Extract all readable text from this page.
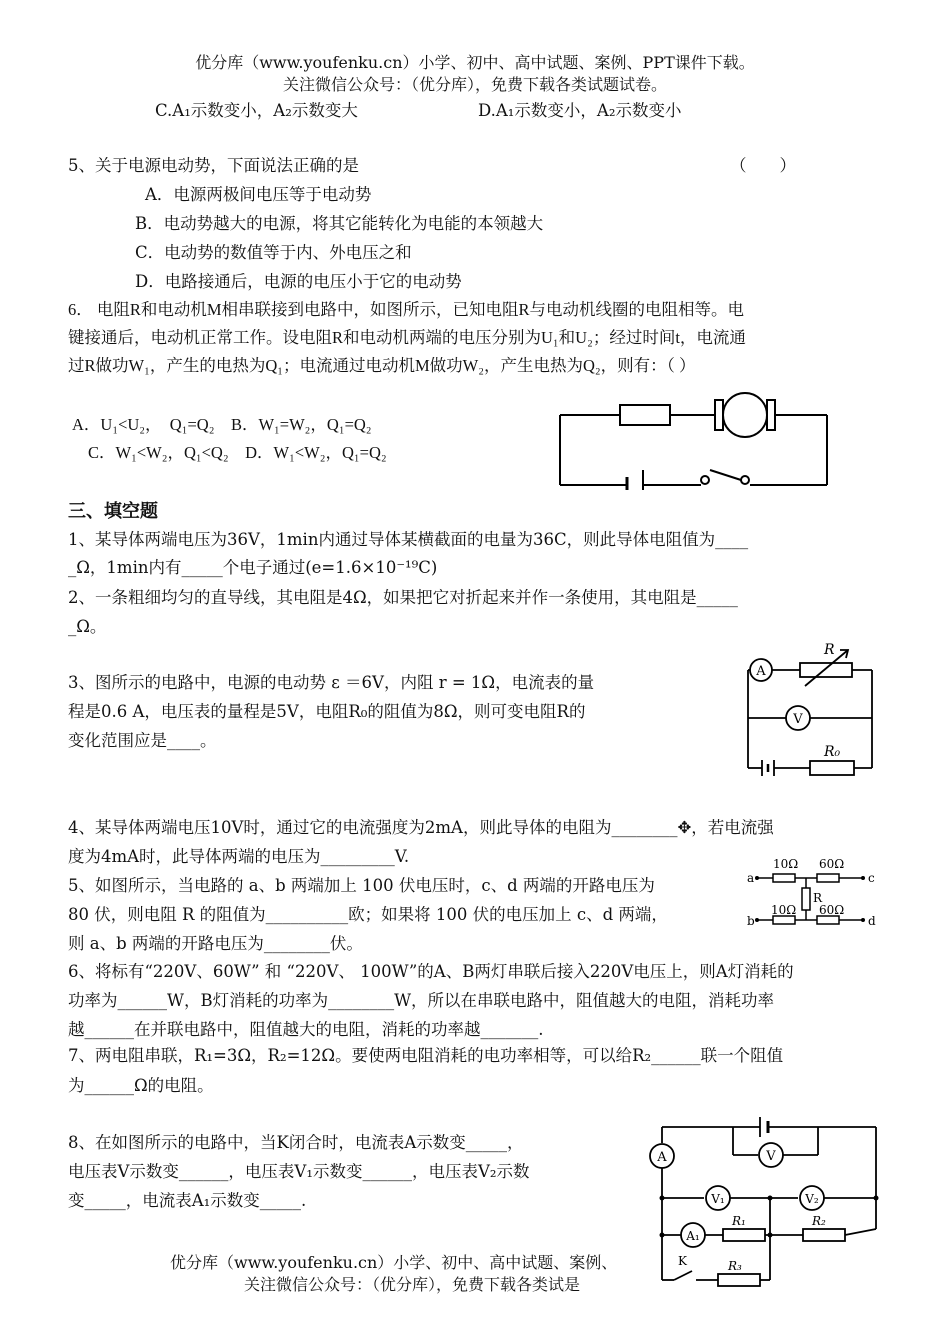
优分库（www.youfenku.cn）小学、初中、高中试题、案例、PPT课件下载。
关注微信公众号：（优分库），免费下载各类试题试卷。
C.A₁示数变小，A₂示数变大	D.A₁示数变小，A₂示数变小
5、关于电源电动势，下面说法正确的是	（　　）
A．电源两极间电压等于电动势
B．电动势越大的电源，将其它能转化为电能的本领越大
C．电动势的数值等于内、外电压之和
D．电路接通后，电源的电压小于它的电动势
6． 电阻R和电动机M相串联接到电路中，如图所示，已知电阻R与电动机线圈的电阻相等。电
键接通后，电动机正常工作。设电阻R和电动机两端的电压分别为U₁和U₂；经过时间t，电流通
过R做功W₁，产生的电热为Q₁；电流通过电动机M做功W₂，产生电热为Q₂，则有：（ ）
A．U₁<U₂，　Q₁=Q₂　B．W₁=W₂，Q₁=Q₂
C．W₁<W₂，Q₁<Q₂　D．W₁<W₂，Q₁=Q₂
三、填空题
1、某导体两端电压为36V，1min内通过导体某横截面的电量为36C，则此导体电阻值为____
_Ω，1min内有_____个电子通过(e=1.6×10⁻¹⁹C)
2、一条粗细均匀的直导线，其电阻是4Ω，如果把它对折起来并作一条使用，其电阻是_____
_Ω。
3、图所示的电路中，电源的电动势 ε ＝6V，内阻 r = 1Ω，电流表的量
程是0.6 A，电压表的量程是5V，电阻R₀的阻值为8Ω，则可变电阻R的
变化范围应是____。
A
V
R
R₀
4、某导体两端电压10V时，通过它的电流强度为2mA，则此导体的电阻为________✥，若电流强
度为4mA时，此导体两端的电压为_________V.
5、如图所示，当电路的 a、b 两端加上 100 伏电压时，c、d 两端的开路电压为
80 伏，则电阻 R 的阻值为__________欧；如果将 100 伏的电压加上 c、d 两端，
则 a、b 两端的开路电压为________伏。
10Ω 60Ω
10Ω 60Ω
R
a	c
b	d
6、将标有“220V、60W” 和 “220V、 100W”的A、B两灯串联后接入220V电压上，则A灯消耗的
功率为______W，B灯消耗的功率为________W，所以在串联电路中，阻值越大的电阻，消耗功率
越______在并联电路中，阻值越大的电阻，消耗的功率越_______.
7、两电阻串联，R₁=3Ω，R₂=12Ω。要使两电阻消耗的电功率相等，可以给R₂______联一个阻值
为______Ω的电阻。
8、在如图所示的电路中，当K闭合时，电流表A示数变_____，
电压表V示数变______，电压表V₁示数变______，电压表V₂示数
变_____，电流表A₁示数变_____.
A	V
V₁	V₂
A₁
R₁	R₂
R₃
K
优分库（www.youfenku.cn）小学、初中、高中试题、案例、
关注微信公众号：（优分库），免费下载各类试是
